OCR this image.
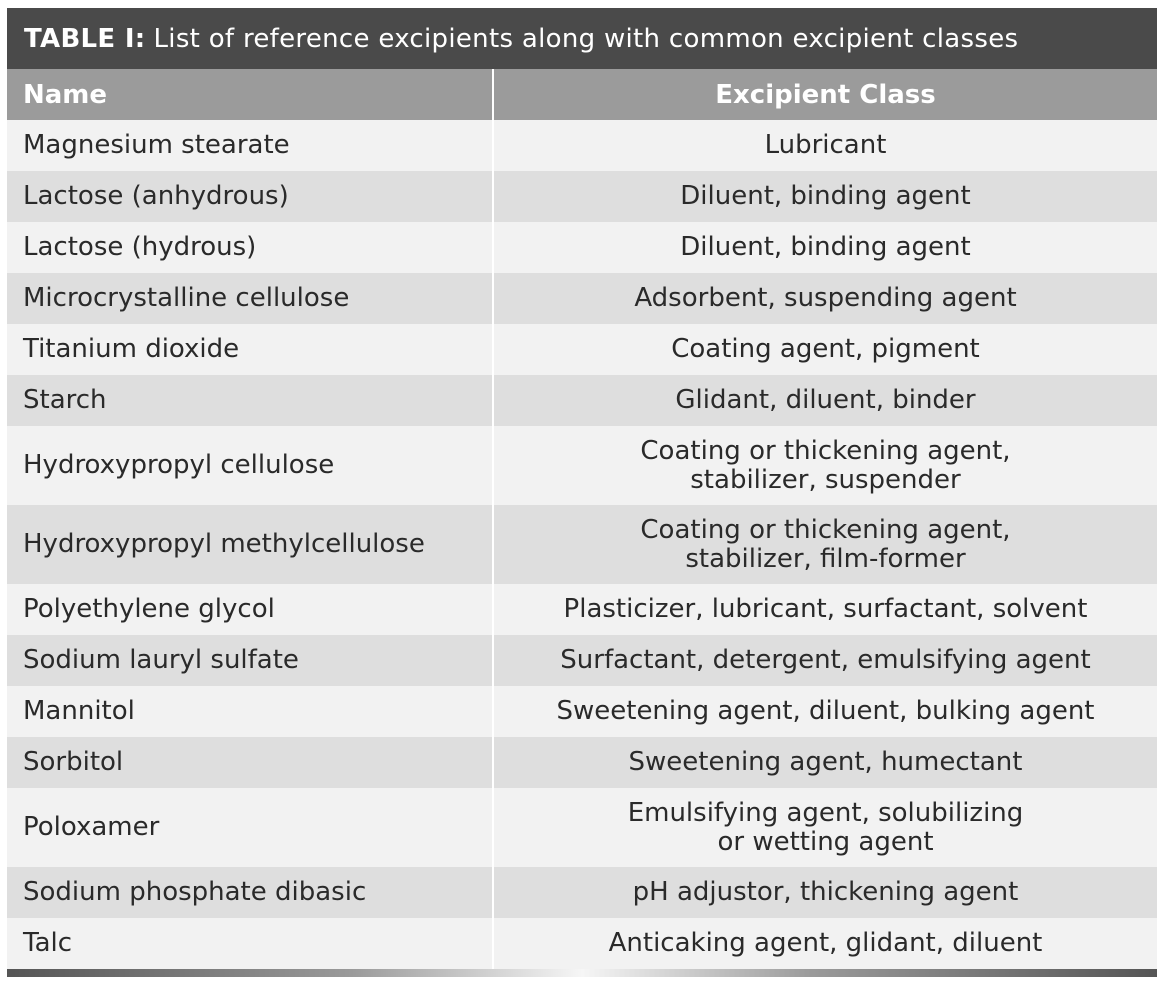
TABLE I: List of reference excipients along with common excipient classes
Name	Excipient Class
Magnesium stearate	Lubricant

Lactose (anhydrous)	Diluent, binding agent

Lactose (hydrous)	Diluent, binding agent

Microcrystalline cellulose	Adsorbent, suspending agent

Titanium dioxide	Coating agent, pigment

Starch	Glidant, diluent, binder

Hydroxypropyl cellulose	Coating or thickening agent,
stabilizer, suspender

Hydroxypropyl methylcellulose	Coating or thickening agent,
stabilizer, film-former

Polyethylene glycol	Plasticizer, lubricant, surfactant, solvent

Sodium lauryl sulfate	Surfactant, detergent, emulsifying agent

Mannitol	Sweetening agent, diluent, bulking agent

Sorbitol	Sweetening agent, humectant

Poloxamer	Emulsifying agent, solubilizing
or wetting agent

Sodium phosphate dibasic	pH adjustor, thickening agent

Talc	Anticaking agent, glidant, diluent
